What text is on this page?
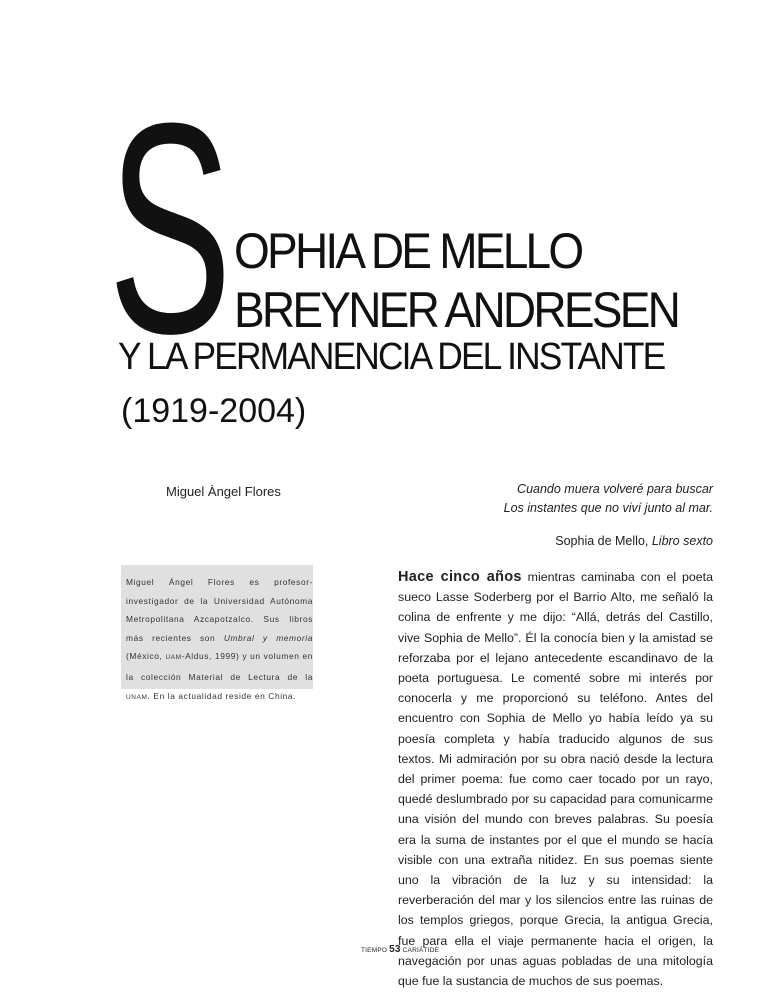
S OPHIA DE MELLO
BREYNER ANDRESEN
Y LA PERMANENCIA DEL INSTANTE
(1919-2004)
Miguel Àngel Flores	Cuando muera volveré para buscar
Los instantes que no viví junto al mar.
Sophia de Mello, Libro sexto
Miguel Ángel Flores es profesor-investigador de la Universidad Autónoma Metropolitana Azcapotzalco. Sus libros más recientes son Umbral y memoria (México, UAM-Aldus, 1999) y un volumen en la colección Material de Lectura de la UNAM. En la actualidad reside en China.
Hace cinco años mientras caminaba con el poeta sueco Lasse Soderberg por el Barrio Alto, me señaló la colina de enfrente y me dijo: “Allá, detrás del Castillo, vive Sophia de Mello”. Él la conocía bien y la amistad se reforzaba por el lejano antecedente escandinavo de la poeta portuguesa. Le comenté sobre mi interés por conocerla y me proporcionó su teléfono. Antes del encuentro con Sophia de Mello yo había leído ya su poesía completa y había traducido algunos de sus textos. Mi admiración por su obra nació desde la lectura del primer poema: fue como caer tocado por un rayo, quedé deslumbrado por su capacidad para comunicarme una visión del mundo con breves palabras. Su poesía era la suma de instantes por el que el mundo se hacía visible con una extraña nitidez. En sus poemas siente uno la vibración de la luz y su intensidad: la reverberación del mar y los silencios entre las ruinas de los templos griegos, porque Grecia, la antigua Grecia, fue para ella el viaje permanente hacia el origen, la navegación por unas aguas pobladas de una mitología que fue la sustancia de muchos de sus poemas.
TIEMPO 53 CARIÁTIDE
